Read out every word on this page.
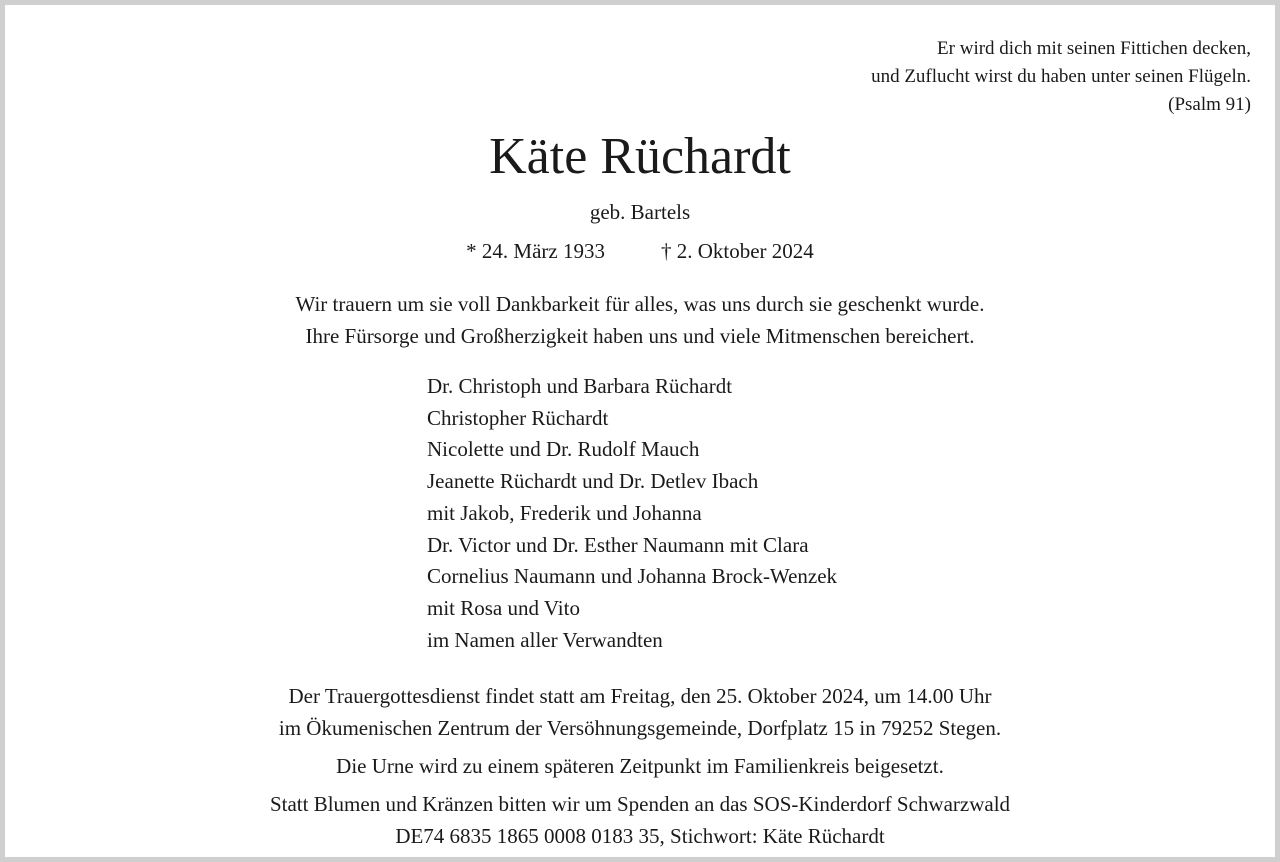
Er wird dich mit seinen Fittichen decken,
und Zuflucht wirst du haben unter seinen Flügeln.
(Psalm 91)
Käte Rüchardt
geb. Bartels
* 24. März 1933	† 2. Oktober 2024
Wir trauern um sie voll Dankbarkeit für alles, was uns durch sie geschenkt wurde.
Ihre Fürsorge und Großherzigkeit haben uns und viele Mitmenschen bereichert.
Dr. Christoph und Barbara Rüchardt
Christopher Rüchardt
Nicolette und Dr. Rudolf Mauch
Jeanette Rüchardt und Dr. Detlev Ibach
mit Jakob, Frederik und Johanna
Dr. Victor und Dr. Esther Naumann mit Clara
Cornelius Naumann und Johanna Brock-Wenzek
mit Rosa und Vito
im Namen aller Verwandten
Der Trauergottesdienst findet statt am Freitag, den 25. Oktober 2024, um 14.00 Uhr
im Ökumenischen Zentrum der Versöhnungsgemeinde, Dorfplatz 15 in 79252 Stegen.
Die Urne wird zu einem späteren Zeitpunkt im Familienkreis beigesetzt.
Statt Blumen und Kränzen bitten wir um Spenden an das SOS-Kinderdorf Schwarzwald
DE74 6835 1865 0008 0183 35, Stichwort: Käte Rüchardt
